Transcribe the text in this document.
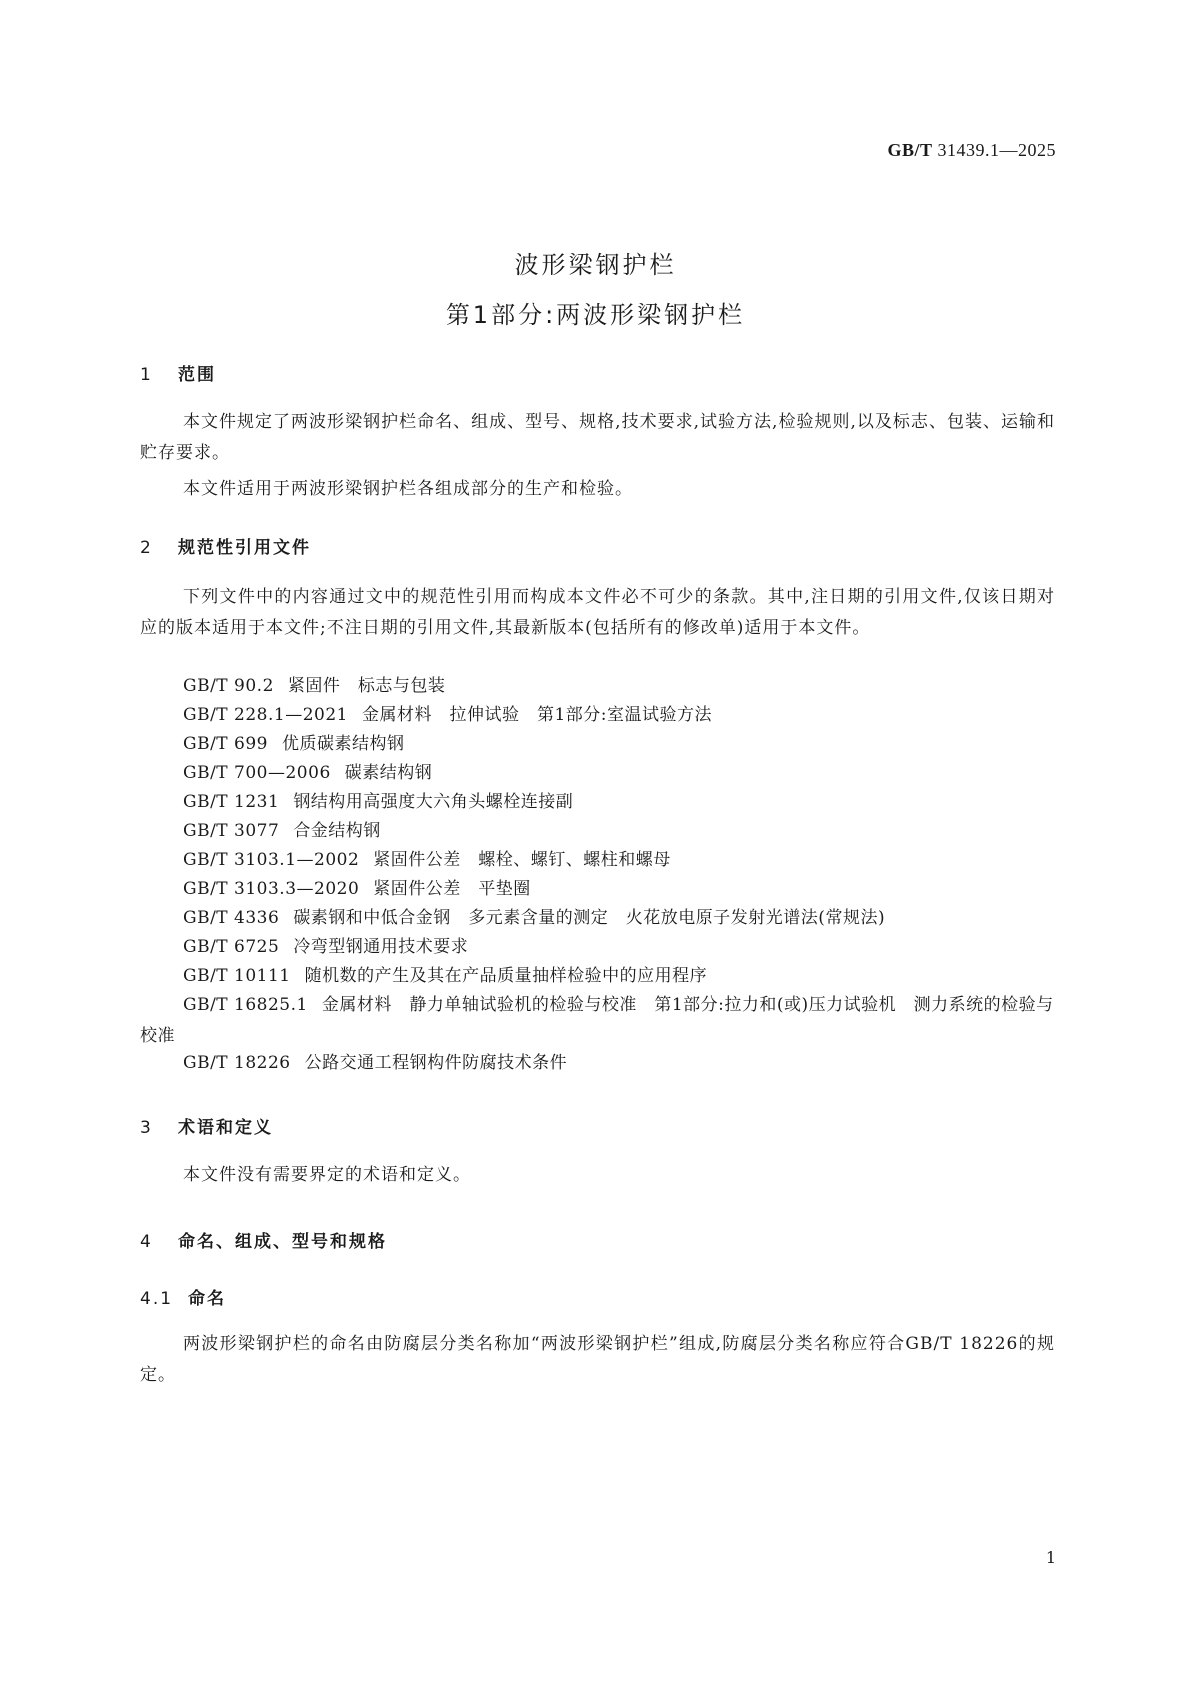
GB/T 31439.1—2025
波形梁钢护栏
第1部分:两波形梁钢护栏
1 范围
本文件规定了两波形梁钢护栏命名、组成、型号、规格,技术要求,试验方法,检验规则,以及标志、包装、运输和贮存要求。
本文件适用于两波形梁钢护栏各组成部分的生产和检验。
2 规范性引用文件
下列文件中的内容通过文中的规范性引用而构成本文件必不可少的条款。其中,注日期的引用文件,仅该日期对应的版本适用于本文件;不注日期的引用文件,其最新版本(包括所有的修改单)适用于本文件。
GB/T 90.2 紧固件　标志与包装
GB/T 228.1—2021 金属材料　拉伸试验　第1部分:室温试验方法
GB/T 699 优质碳素结构钢
GB/T 700—2006 碳素结构钢
GB/T 1231 钢结构用高强度大六角头螺栓连接副
GB/T 3077 合金结构钢
GB/T 3103.1—2002 紧固件公差　螺栓、螺钉、螺柱和螺母
GB/T 3103.3—2020 紧固件公差　平垫圈
GB/T 4336 碳素钢和中低合金钢　多元素含量的测定　火花放电原子发射光谱法(常规法)
GB/T 6725 冷弯型钢通用技术要求
GB/T 10111 随机数的产生及其在产品质量抽样检验中的应用程序
GB/T 16825.1 金属材料　静力单轴试验机的检验与校准　第1部分:拉力和(或)压力试验机　测力系统的检验与校准
GB/T 18226 公路交通工程钢构件防腐技术条件
3 术语和定义
本文件没有需要界定的术语和定义。
4 命名、组成、型号和规格
4.1 命名
两波形梁钢护栏的命名由防腐层分类名称加“两波形梁钢护栏”组成,防腐层分类名称应符合GB/T 18226的规定。
1
